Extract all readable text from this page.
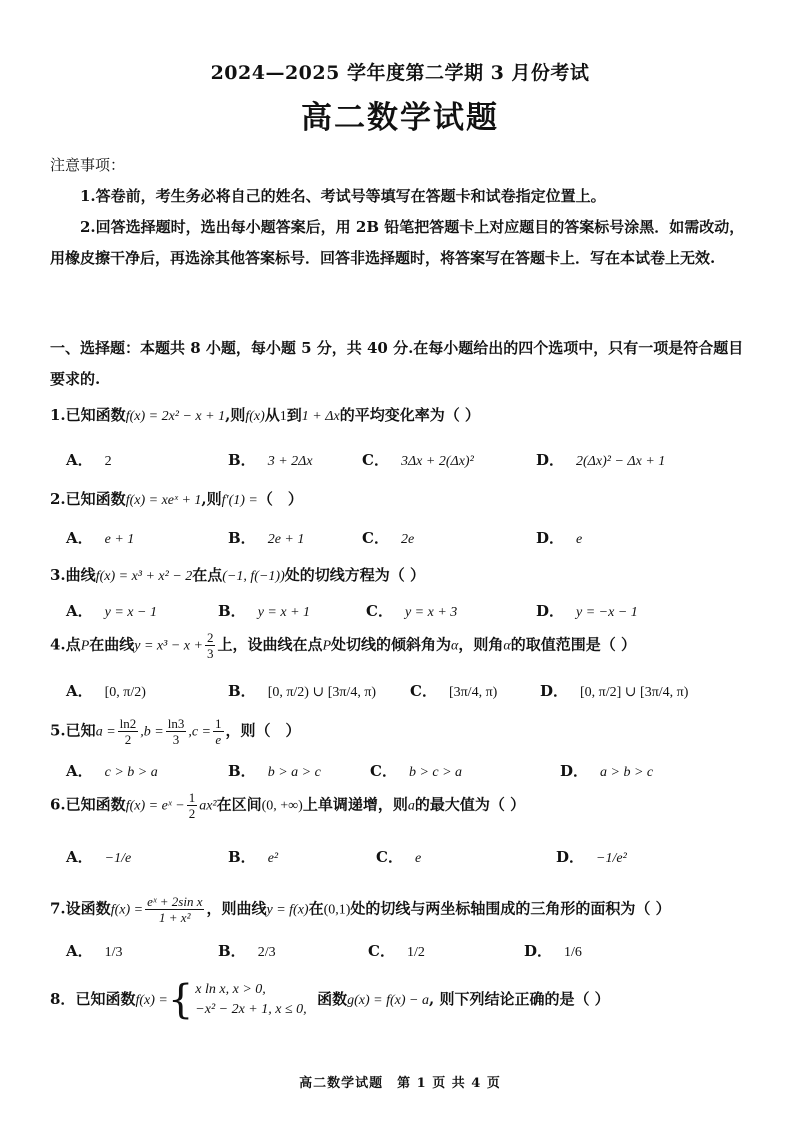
2024—2025 学年度第二学期 3 月份考试
高二数学试题

注意事项：

1.答卷前，考生务必将自己的姓名、考试号等填写在答题卡和试卷指定位置上。

2.回答选择题时，选出每小题答案后，用 2B 铅笔把答题卡上对应题目的答案标号涂黑．如需改动，用橡皮擦干净后，再选涂其他答案标号．回答非选择题时，将答案写在答题卡上．写在本试卷上无效.

一、选择题：本题共 8 小题，每小题 5 分，共 40 分.在每小题给出的四个选项中，只有一项是符合题目要求的.
1.已知函数f(x) = 2x² − x + 1,则f(x)从1到1 + Δx的平均变化率为（ ）
A． 2	B． 3 + 2Δx	C． 3Δx + 2(Δx)²	D． 2(Δx)² − Δx + 1
2.已知函数f(x) = xeˣ + 1,则f′(1) =（　）
A． e + 1	B． 2e + 1	C． 2e	D． e
3.曲线f(x) = x³ + x² − 2在点(−1, f(−1))处的切线方程为（ ）
A． y = x − 1	B． y = x + 1	C． y = x + 3	D． y = −x − 1
4.点P在曲线$y = x^3 - x + \frac{2}{3}$ 上，设曲线在点P处切线的倾斜角为α，则角α的取值范围是（ ）
A． [0, π/2)	B． [0, π/2) ∪ [3π/4, π) C． [3π/4, π)	D． [0, π/2] ∪ [3π/4, π)
5.已知$a = \frac{\ln 2}{2} ,b = \frac{\ln 3}{3} ,c = \frac{1}{e}$ ，则（　）
A． c > b > a	B． b > a > c	C． b > c > a	D． a > b > c
6.已知函数f(x) = eˣ − $\frac{1}{2} ax^2$在区间(0, +∞)上单调递增，则a的最大值为（ ）
A． −1/e	B． e²	C． e	D． −1/e²
7.设函数$f(x) = \frac{\text{eˣ + 2sin x}}{\text{1 + x²}}$ ，则曲线y = f(x)在(0,1)处的切线与两坐标轴围成的三角形的面积为（ ）
A． 1/3	B． 2/3	C． 1/2	D． 1/6
8．已知函数f(x) ={ x ln x, x > 0,
−x² − 2x + 1, x ≤ 0,
函数g(x) = f(x) − a, 则下列结论正确的是（ ）
高二数学试题　第 1 页 共 4 页
